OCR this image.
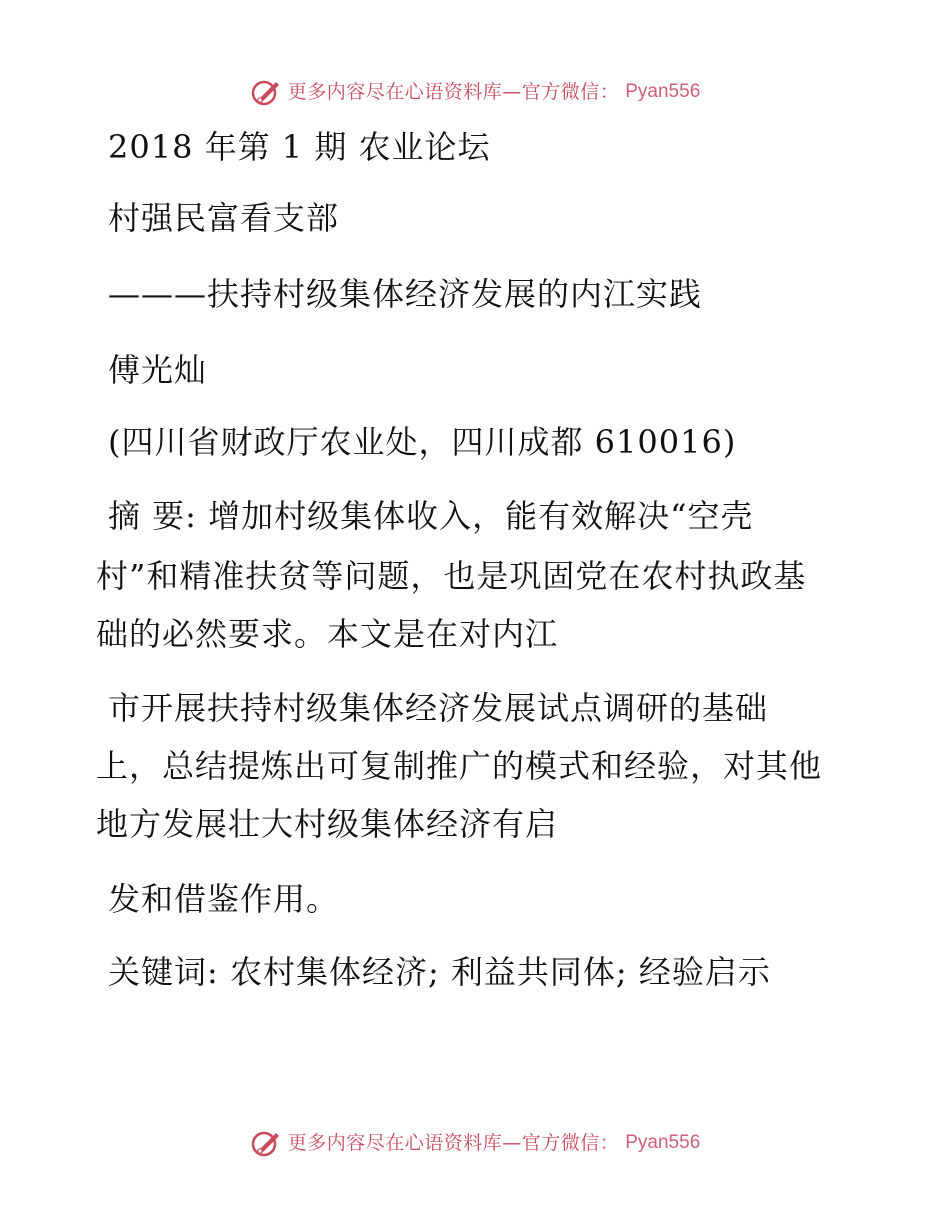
更多内容尽在心语资料库—官方微信： Pyan556
2018 年第 1 期 农业论坛
村强民富看支部
———扶持村级集体经济发展的内江实践
傅光灿
(四川省财政厅农业处，四川成都 610016)
摘 要: 增加村级集体收入，能有效解决“空壳
村”和精准扶贫等问题，也是巩固党在农村执政基
础的必然要求。本文是在对内江
市开展扶持村级集体经济发展试点调研的基础
上，总结提炼出可复制推广的模式和经验，对其他
地方发展壮大村级集体经济有启
发和借鉴作用。
关键词: 农村集体经济; 利益共同体; 经验启示
更多内容尽在心语资料库—官方微信： Pyan556
